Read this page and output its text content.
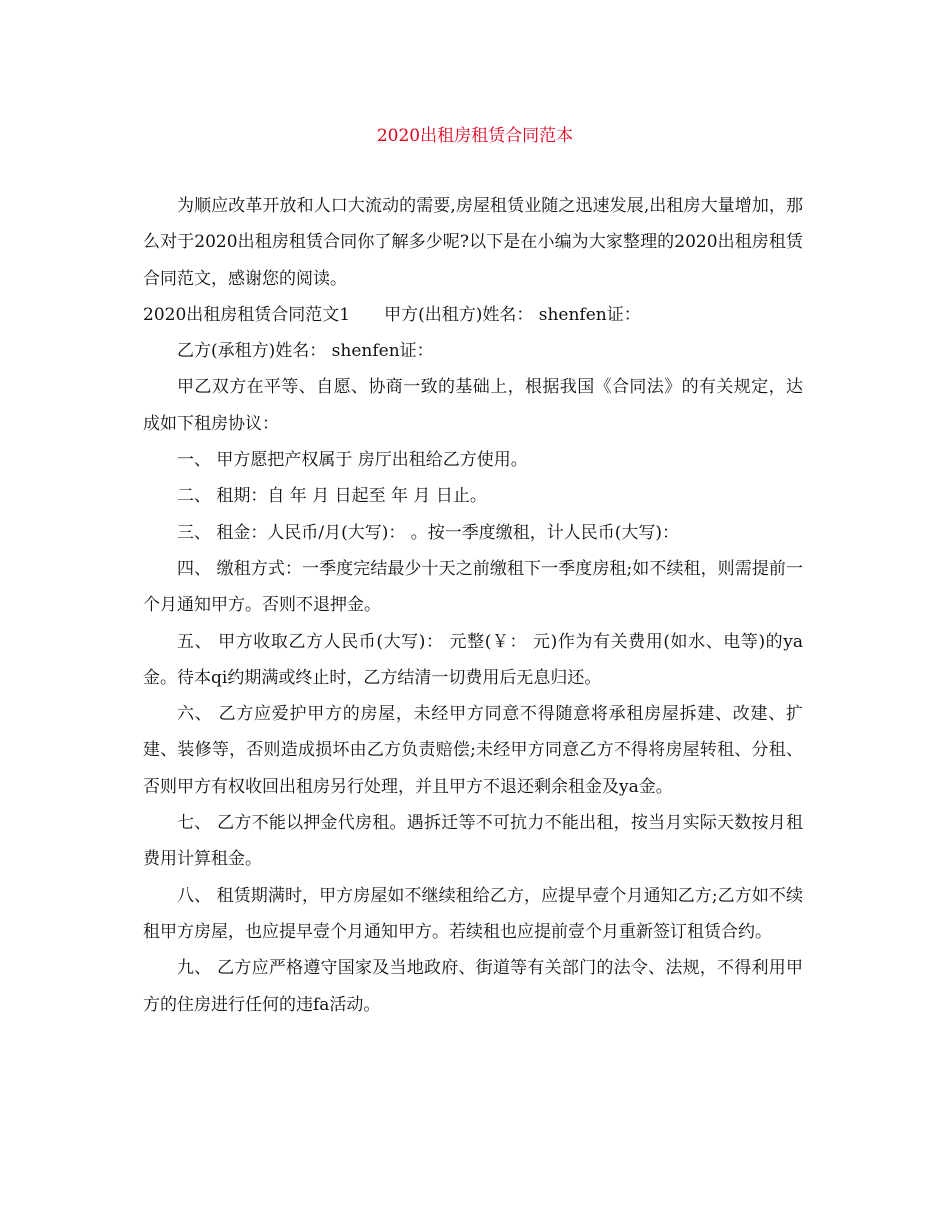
2020出租房租赁合同范本

为顺应改革开放和人口大流动的需要,房屋租赁业随之迅速发展,出租房大量增加，那么对于2020出租房租赁合同你了解多少呢?以下是在小编为大家整理的2020出租房租赁合同范文，感谢您的阅读。

2020出租房租赁合同范文1　　甲方(出租方)姓名： shenfen证：

乙方(承租方)姓名： shenfen证：

甲乙双方在平等、自愿、协商一致的基础上，根据我国《合同法》的有关规定，达成如下租房协议：

一、 甲方愿把产权属于 房厅出租给乙方使用。

二、 租期：自 年 月 日起至 年 月 日止。

三、 租金：人民币/月(大写)： 。按一季度缴租，计人民币(大写)：

四、 缴租方式：一季度完结最少十天之前缴租下一季度房租;如不续租，则需提前一个月通知甲方。否则不退押金。

五、 甲方收取乙方人民币(大写)： 元整(￥： 元)作为有关费用(如水、电等)的ya金。待本qi约期满或终止时，乙方结清一切费用后无息归还。

六、 乙方应爱护甲方的房屋，未经甲方同意不得随意将承租房屋拆建、改建、扩建、装修等，否则造成损坏由乙方负责赔偿;未经甲方同意乙方不得将房屋转租、分租、否则甲方有权收回出租房另行处理，并且甲方不退还剩余租金及ya金。

七、 乙方不能以押金代房租。遇拆迁等不可抗力不能出租，按当月实际天数按月租费用计算租金。

八、 租赁期满时，甲方房屋如不继续租给乙方，应提早壹个月通知乙方;乙方如不续租甲方房屋，也应提早壹个月通知甲方。若续租也应提前壹个月重新签订租赁合约。

九、 乙方应严格遵守国家及当地政府、街道等有关部门的法令、法规，不得利用甲方的住房进行任何的违fa活动。
